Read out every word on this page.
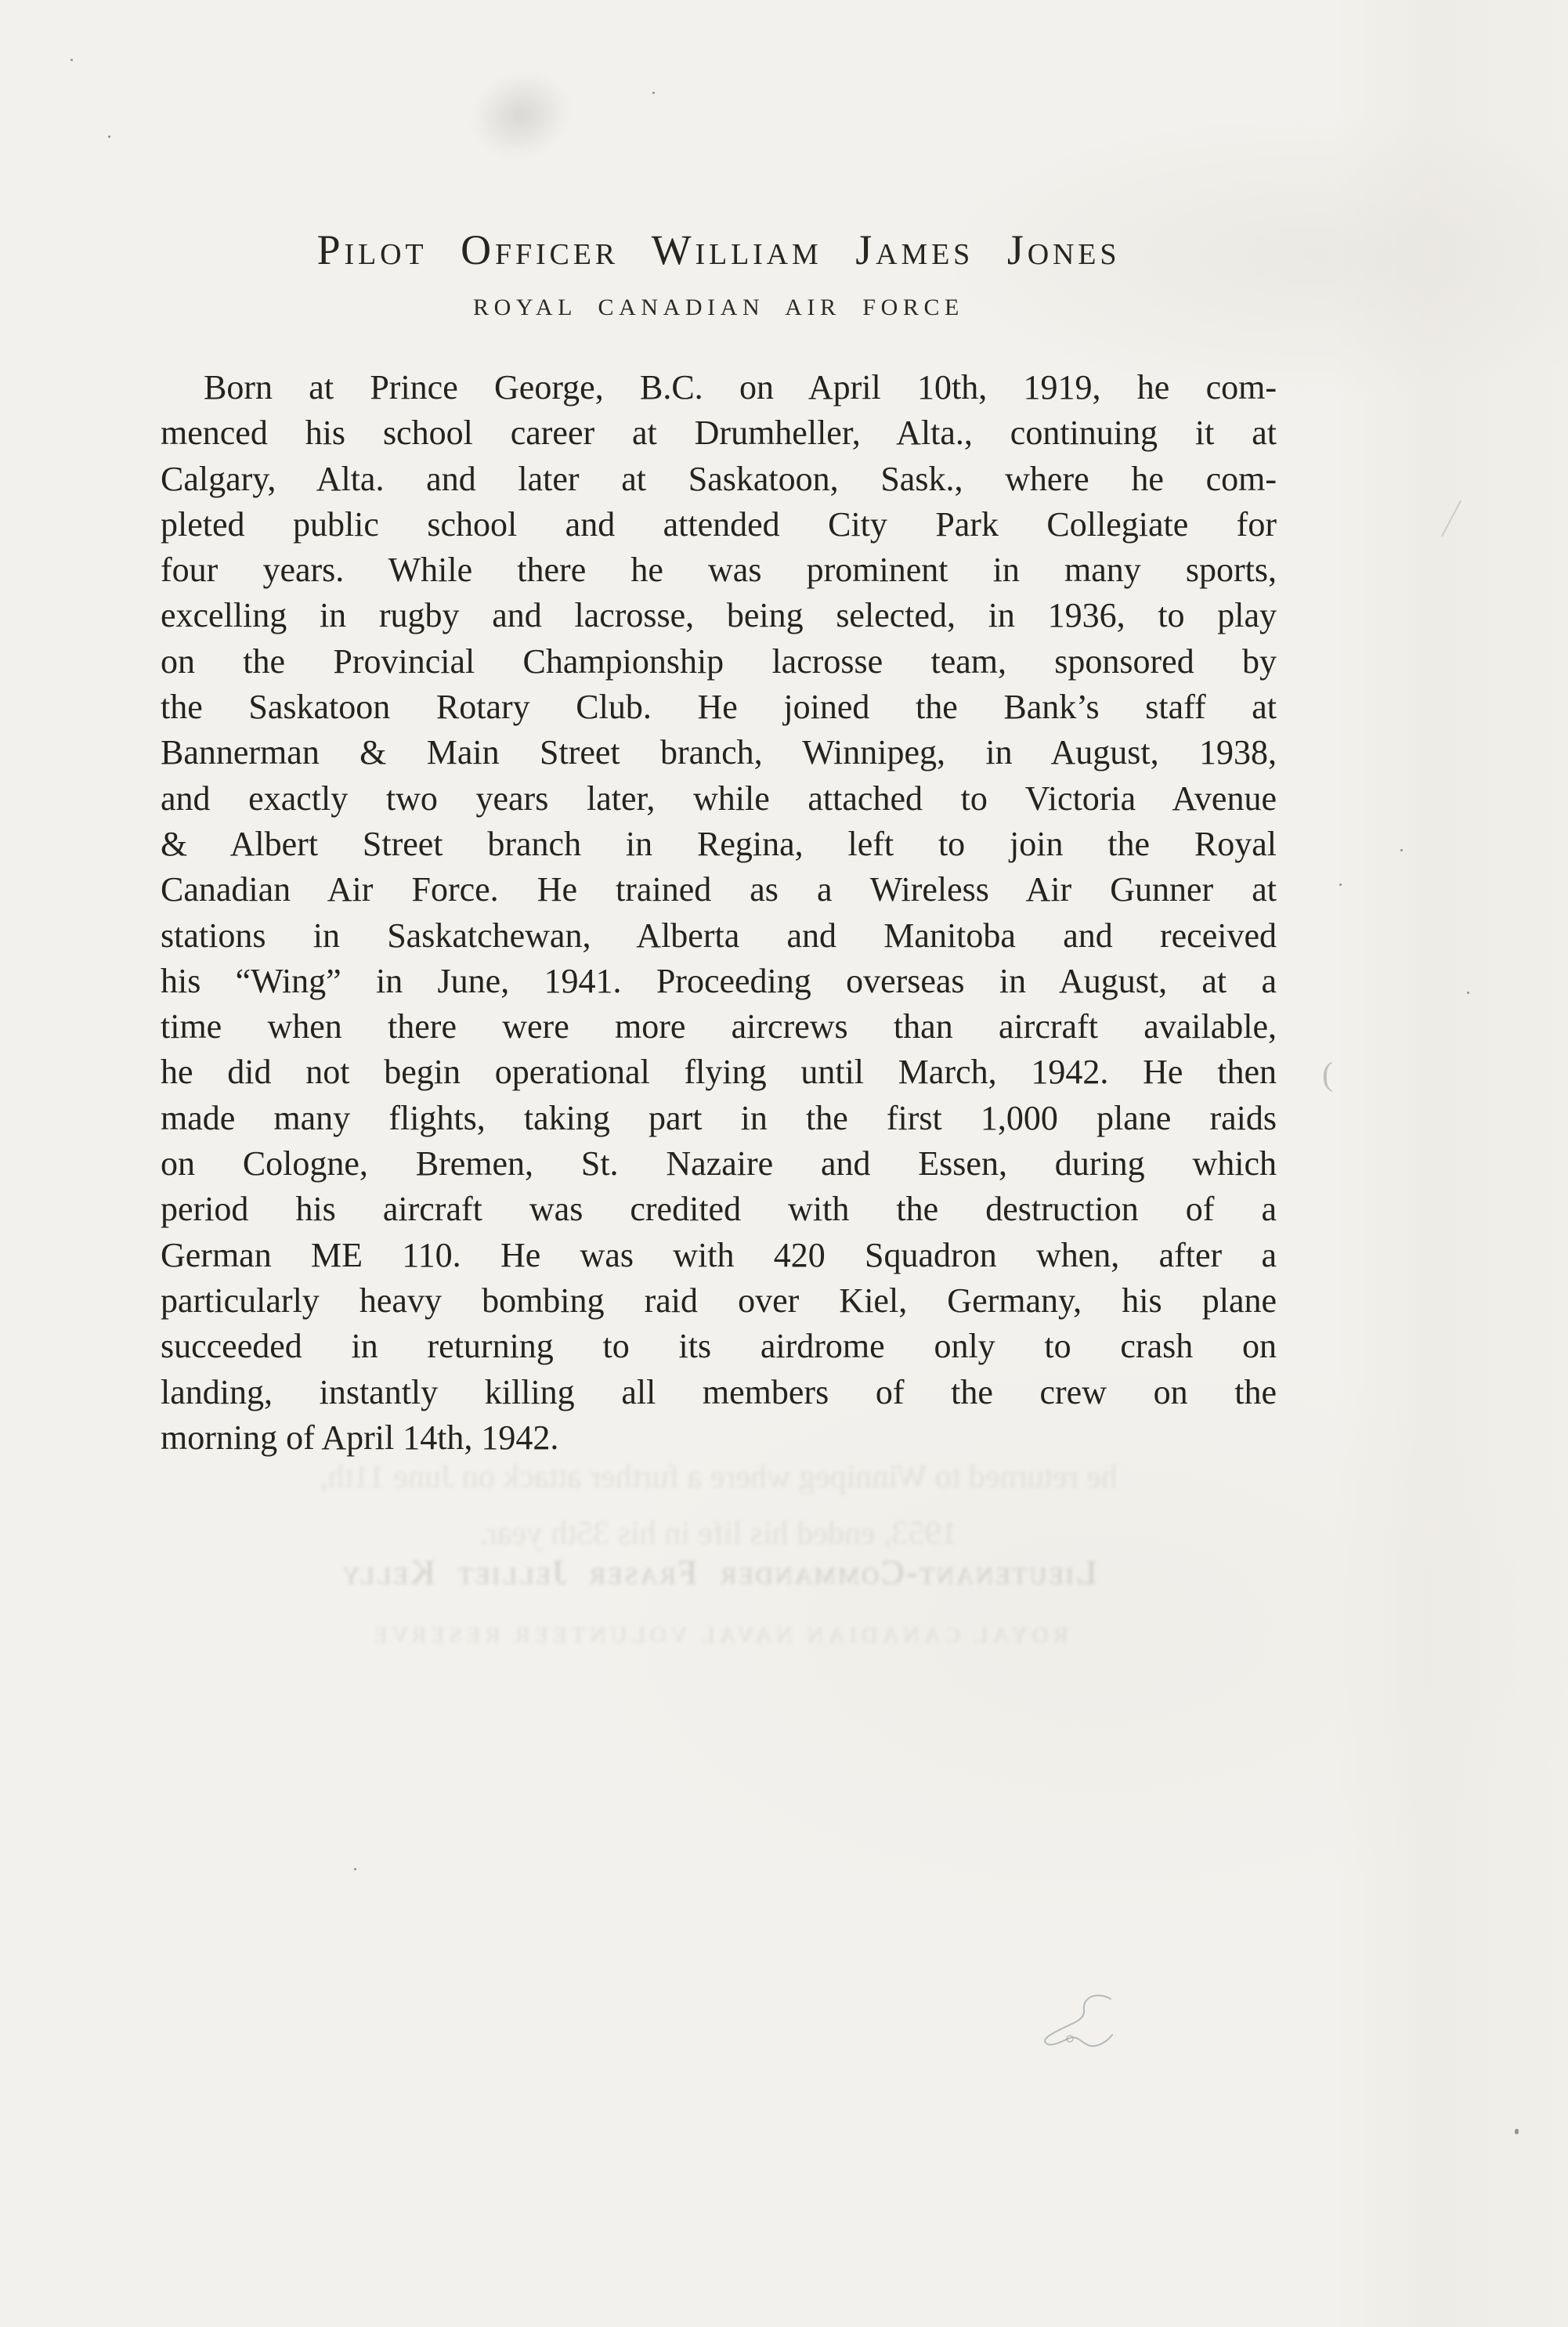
Pilot Officer William James Jones
ROYAL CANADIAN AIR FORCE
Born at Prince George, B.C. on April 10th, 1919, he com-
menced his school career at Drumheller, Alta., continuing it at
Calgary, Alta. and later at Saskatoon, Sask., where he com-
pleted public school and attended City Park Collegiate for
four years. While there he was prominent in many sports,
excelling in rugby and lacrosse, being selected, in 1936, to play
on the Provincial Championship lacrosse team, sponsored by
the Saskatoon Rotary Club. He joined the Bank’s staff at
Bannerman & Main Street branch, Winnipeg, in August, 1938,
and exactly two years later, while attached to Victoria Avenue
& Albert Street branch in Regina, left to join the Royal
Canadian Air Force. He trained as a Wireless Air Gunner at
stations in Saskatchewan, Alberta and Manitoba and received
his “Wing” in June, 1941. Proceeding overseas in August, at a
time when there were more aircrews than aircraft available,
he did not begin operational flying until March, 1942. He then
made many flights, taking part in the first 1,000 plane raids
on Cologne, Bremen, St. Nazaire and Essen, during which
period his aircraft was credited with the destruction of a
German ME 110. He was with 420 Squadron when, after a
particularly heavy bombing raid over Kiel, Germany, his plane
succeeded in returning to its airdrome only to crash on
landing, instantly killing all members of the crew on the
morning of April 14th, 1942.
he returned to Winnipeg where a further attack on June 11th,
1953, ended his life in his 35th year.
Lieutenant-Commander Fraser Jelliet Kelly
ROYAL CANADIAN NAVAL VOLUNTEER RESERVE
(
